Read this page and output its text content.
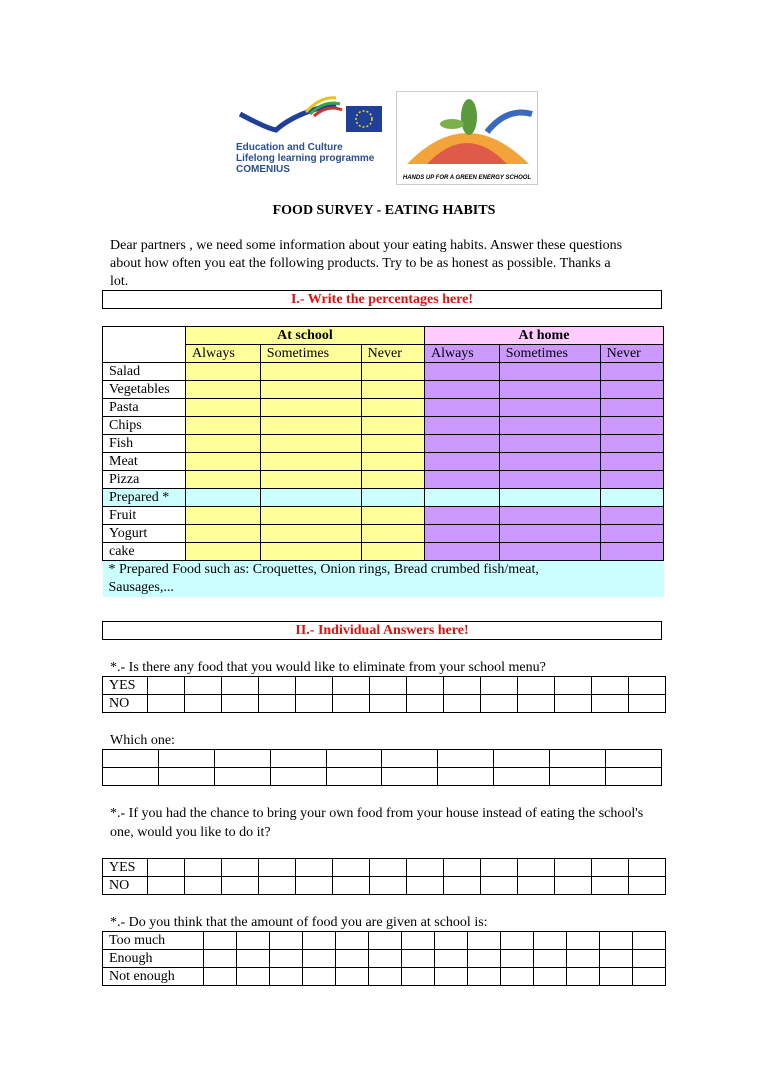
Education and Culture
Lifelong learning programme
COMENIUS
HANDS UP FOR A GREEN ENERGY SCHOOL
FOOD SURVEY - EATING HABITS
Dear partners , we need some information about your eating habits. Answer these questions about how often you eat the following products. Try to be as honest as possible. Thanks a lot.
I.- Write the percentages here!
	At school			At home		
	Always	Sometimes	Never	Always	Sometimes	Never
Salad						
Vegetables						
Pasta						
Chips						
Fish						
Meat						
Pizza						
Prepared *						
Fruit						
Yogurt						
cake						
* Prepared Food such as: Croquettes, Onion rings, Bread crumbed fish/meat, Sausages,...						
II.- Individual Answers here!
*.- Is there any food that you would like to eliminate from your school menu?
YES														
NO														
Which one:

*.- If you had the chance to bring your own food from your house instead of eating the school's one, would you like to do it?
YES														
NO														
*.- Do you think that the amount of food you are given at school is:
Too much														
Enough														
Not enough														
